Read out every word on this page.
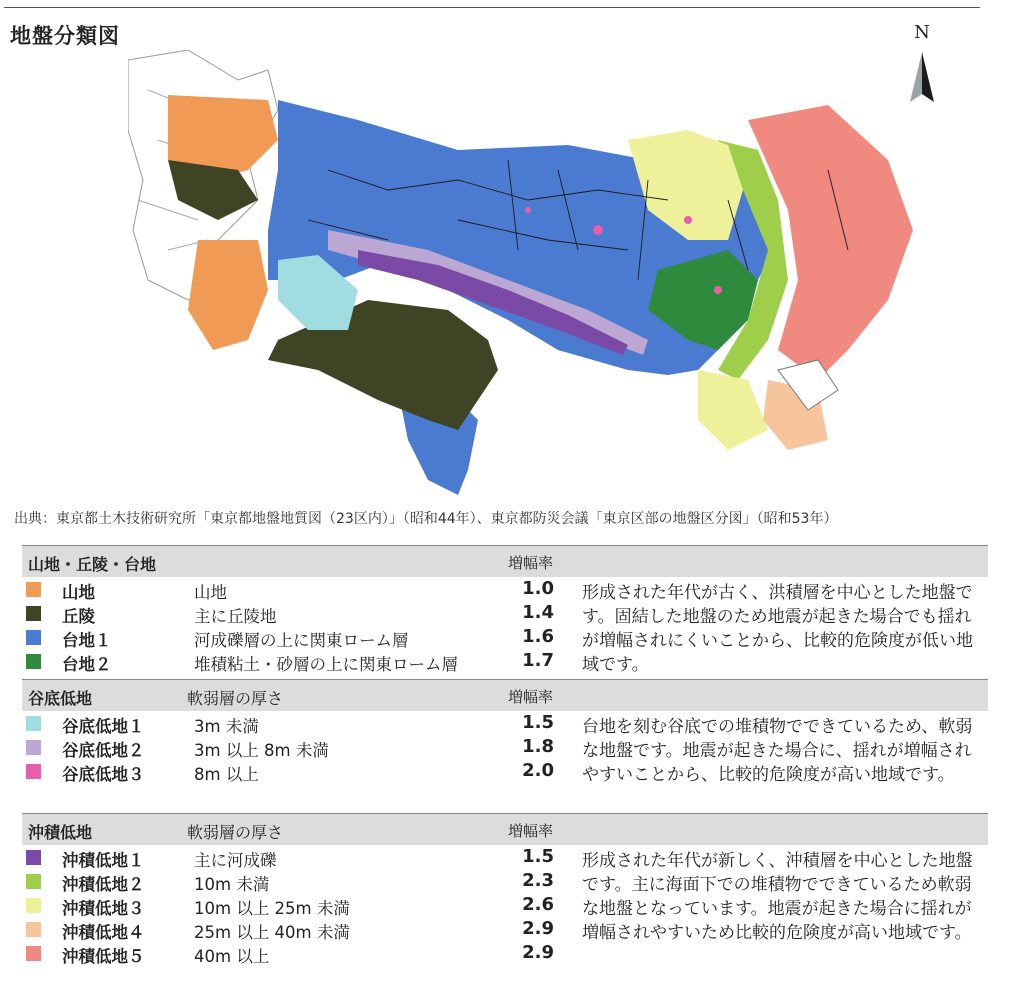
地盤分類図	N
出典：東京都土木技術研究所「東京都地盤地質図（23区内）」（昭和44年）、東京都防災会議「東京区部の地盤区分図」（昭和53年）
山地・丘陵・台地	増幅率
山地	山地	1.0
丘陵	主に丘陵地	1.4
台地１	河成礫層の上に関東ローム層	1.6
台地２	堆積粘土・砂層の上に関東ローム層	1.7
形成された年代が古く、洪積層を中心とした地盤です。固結した地盤のため地震が起きた場合でも揺れが増幅されにくいことから、比較的危険度が低い地域です。
谷底低地	軟弱層の厚さ	増幅率
谷底低地１	3m 未満	1.5
谷底低地２	3m 以上 8m 未満	1.8
谷底低地３	8m 以上	2.0
台地を刻む谷底での堆積物でできているため、軟弱な地盤です。地震が起きた場合に、揺れが増幅されやすいことから、比較的危険度が高い地域です。
沖積低地	軟弱層の厚さ	増幅率
沖積低地１	主に河成礫	1.5
沖積低地２	10m 未満	2.3
沖積低地３	10m 以上 25m 未満	2.6
沖積低地４	25m 以上 40m 未満	2.9
沖積低地５	40m 以上	2.9
形成された年代が新しく、沖積層を中心とした地盤です。主に海面下での堆積物でできているため軟弱な地盤となっています。地震が起きた場合に揺れが増幅されやすいため比較的危険度が高い地域です。
